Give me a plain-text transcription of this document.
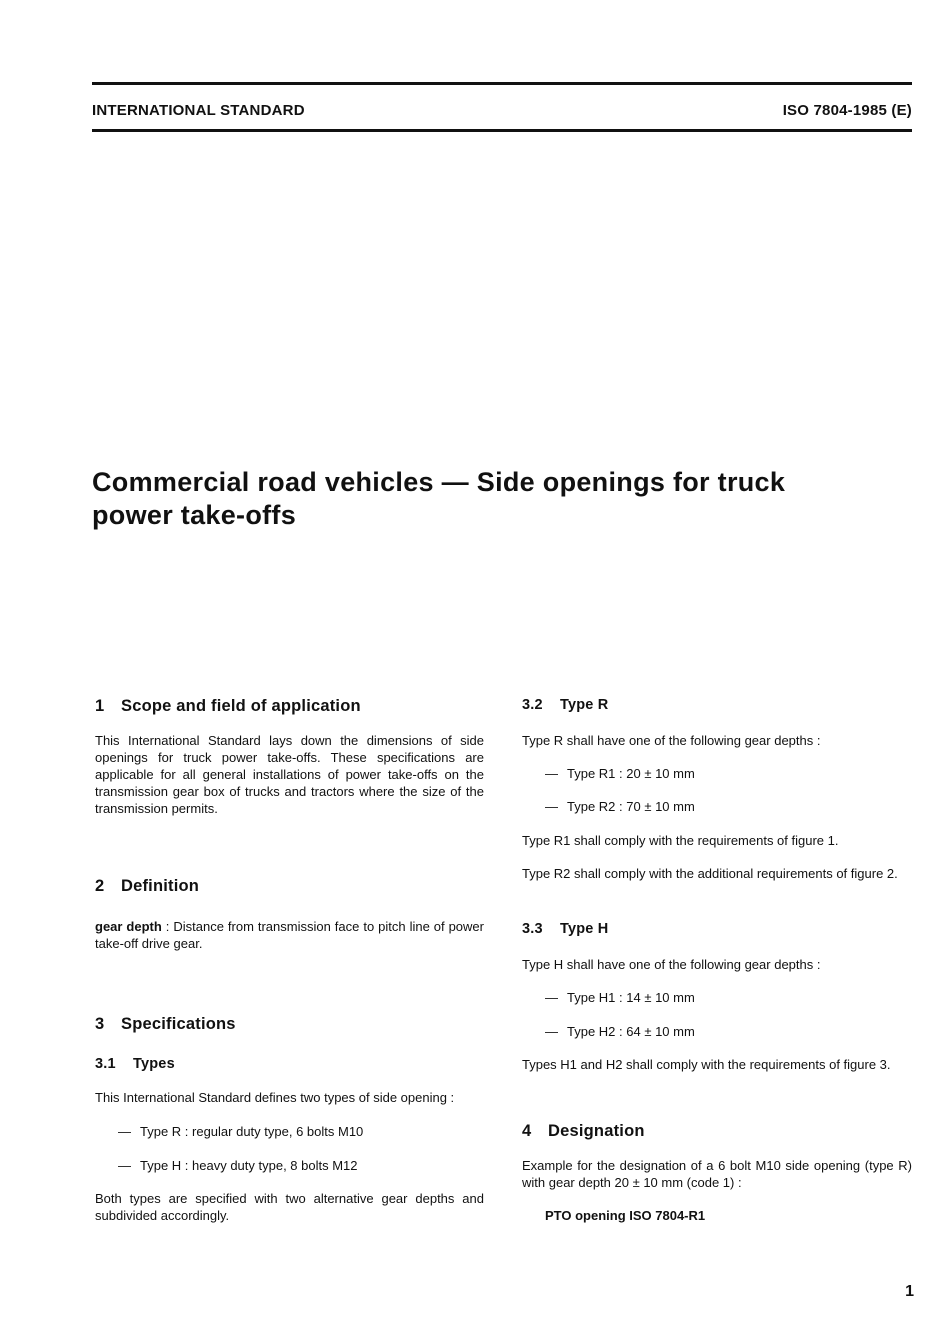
INTERNATIONAL STANDARD	ISO 7804-1985 (E)
Commercial road vehicles — Side openings for truck
power take-offs
1 Scope and field of application

This International Standard lays down the dimensions of side openings for truck power take-offs. These specifications are applicable for all general installations of power take-offs on the transmission gear box of trucks and tractors where the size of the transmission permits.

2 Definition

gear depth : Distance from transmission face to pitch line of power take-off drive gear.

3 Specifications
3.1 Types

This International Standard defines two types of side opening :

— Type R : regular duty type, 6 bolts M10
— Type H : heavy duty type, 8 bolts M12

Both types are specified with two alternative gear depths and subdivided accordingly.

3.2 Type R

Type R shall have one of the following gear depths :

— Type R1 : 20 ± 10 mm
— Type R2 : 70 ± 10 mm

Type R1 shall comply with the requirements of figure 1.

Type R2 shall comply with the additional requirements of figure 2.

3.3 Type H

Type H shall have one of the following gear depths :

— Type H1 : 14 ± 10 mm
— Type H2 : 64 ± 10 mm

Types H1 and H2 shall comply with the requirements of figure 3.

4 Designation

Example for the designation of a 6 bolt M10 side opening (type R) with gear depth 20 ± 10 mm (code 1) :

PTO opening ISO 7804-R1

1
